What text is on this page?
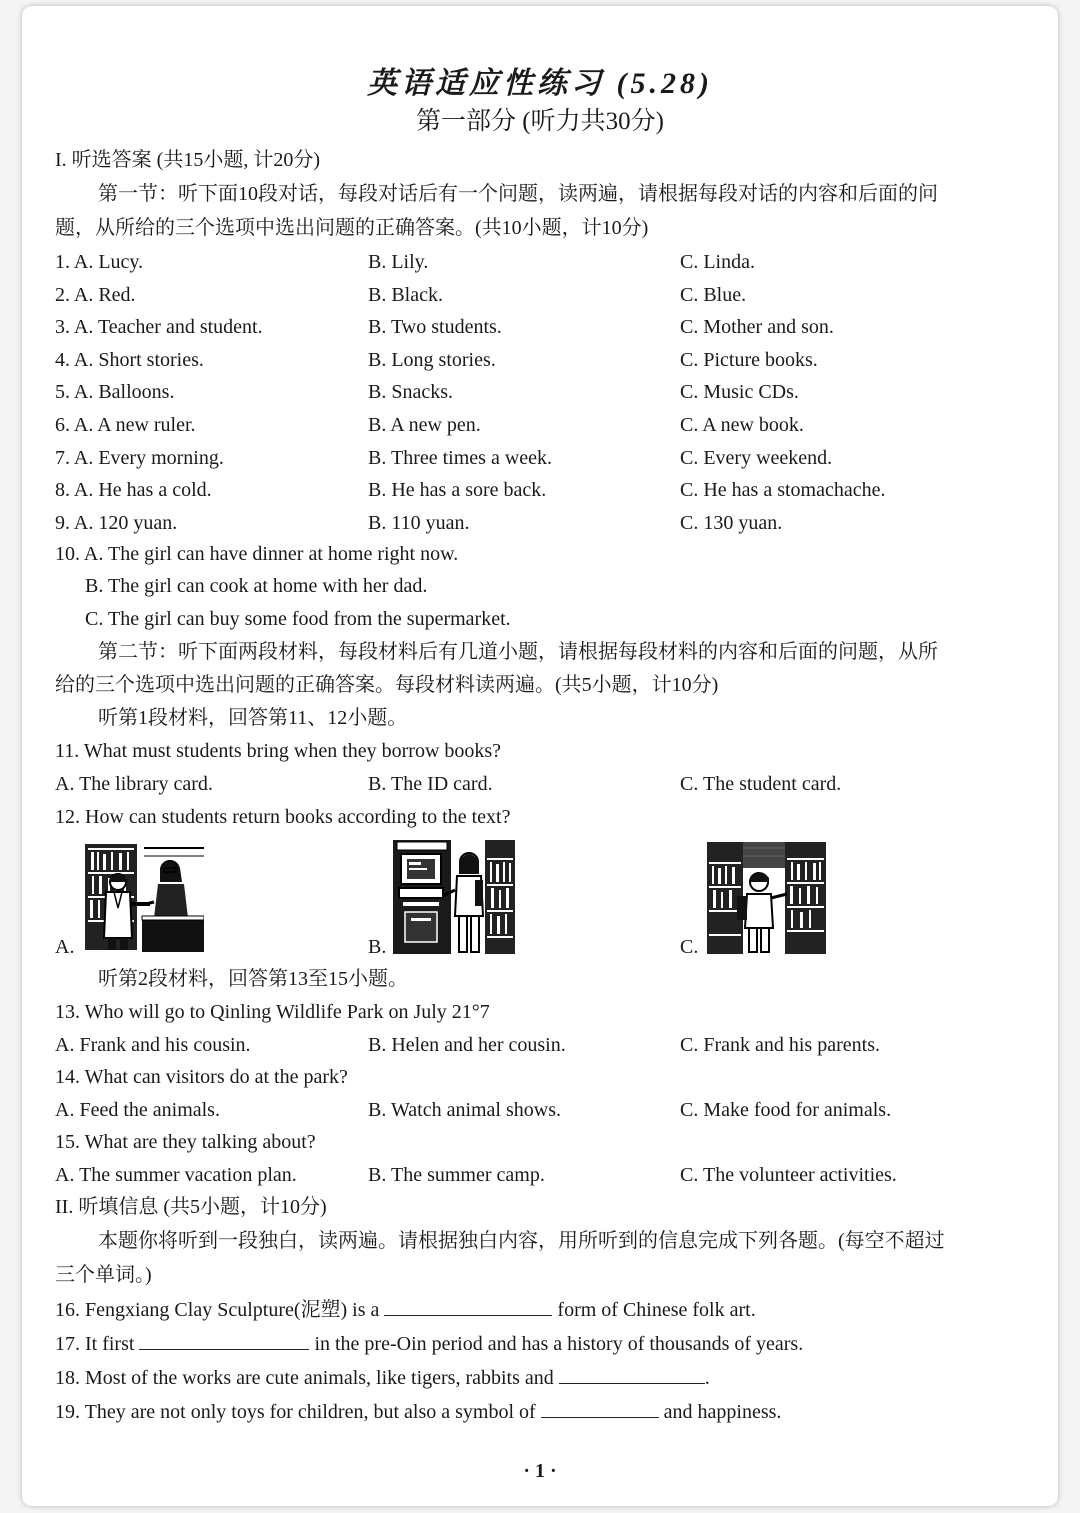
英语适应性练习 (5.28)
第一部分 (听力共30分)
I. 听选答案 (共15小题, 计20分)
第一节：听下面10段对话，每段对话后有一个问题，读两遍，请根据每段对话的内容和后面的问
题，从所给的三个选项中选出问题的正确答案。(共10小题，计10分)
1. A. Lucy.	B. Lily.	C. Linda.
2. A. Red.	B. Black.	C. Blue.
3. A. Teacher and student.	B. Two students.	C. Mother and son.
4. A. Short stories.	B. Long stories.	C. Picture books.
5. A. Balloons.	B. Snacks.	C. Music CDs.
6. A. A new ruler.	B. A new pen.	C. A new book.
7. A. Every morning.	B. Three times a week.	C. Every weekend.
8. A. He has a cold.	B. He has a sore back.	C. He has a stomachache.
9. A. 120 yuan.	B. 110 yuan.	C. 130 yuan.
10. A. The girl can have dinner at home right now.
B. The girl can cook at home with her dad.
C. The girl can buy some food from the supermarket.
第二节：听下面两段材料，每段材料后有几道小题，请根据每段材料的内容和后面的问题，从所
给的三个选项中选出问题的正确答案。每段材料读两遍。(共5小题，计10分)
听第1段材料，回答第11、12小题。
11. What must students bring when they borrow books?
A. The library card.	B. The ID card.	C. The student card.
12. How can students return books according to the text?
A.	B.	C.
听第2段材料，回答第13至15小题。
13. Who will go to Qinling Wildlife Park on July 21°7
A. Frank and his cousin.	B. Helen and her cousin.	C. Frank and his parents.
14. What can visitors do at the park?
A. Feed the animals.	B. Watch animal shows.	C. Make food for animals.
15. What are they talking about?
A. The summer vacation plan.	B. The summer camp.	C. The volunteer activities.
II. 听填信息 (共5小题，计10分)
本题你将听到一段独白，读两遍。请根据独白内容，用所听到的信息完成下列各题。(每空不超过
三个单词。)
16. Fengxiang Clay Sculpture(泥塑) is a	form of Chinese folk art.
17. It first	in the pre-Oin period and has a history of thousands of years.
18. Most of the works are cute animals, like tigers, rabbits and	.
19. They are not only toys for children, but also a symbol of	and happiness.
· 1 ·
